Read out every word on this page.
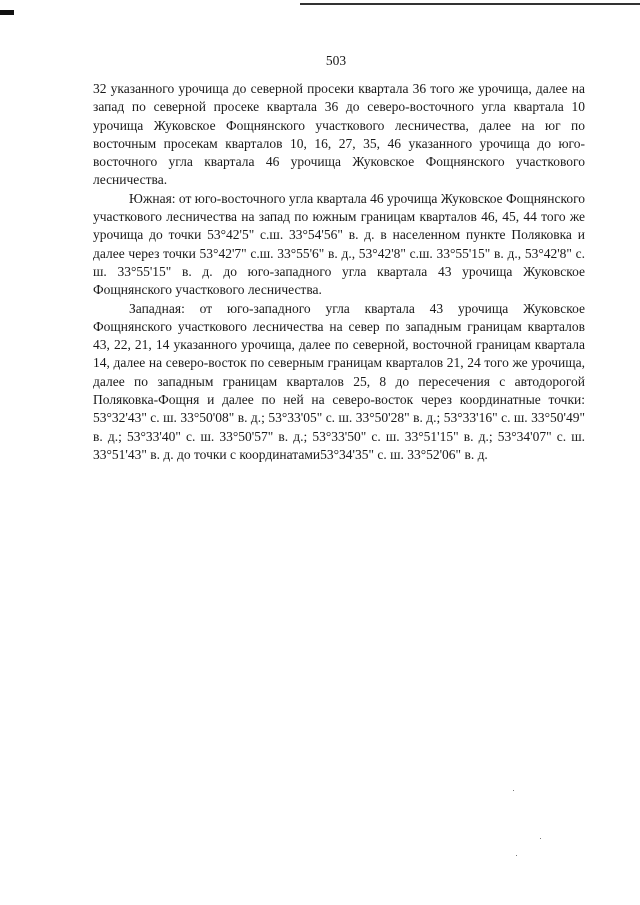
503

32 указанного урочища до северной просеки квартала 36 того же урочища, далее на запад по северной просеке квартала 36 до северо-восточного угла квартала 10 урочища Жуковское Фощнянского участкового лесничества, далее на юг по восточным просекам кварталов 10, 16, 27, 35, 46 указанного урочища до юго-восточного угла квартала 46 урочища Жуковское Фощнянского участкового лесничества.

Южная: от юго-восточного угла квартала 46 урочища Жуковское Фощнянского участкового лесничества на запад по южным границам кварталов 46, 45, 44 того же урочища до точки 53°42'5" с.ш. 33°54'56" в. д. в населенном пункте Поляковка и далее через точки 53°42'7" с.ш. 33°55'6" в. д., 53°42'8" с.ш. 33°55'15" в. д., 53°42'8" с. ш. 33°55'15" в. д. до юго-западного угла квартала 43 урочища Жуковское Фощнянского участкового лесничества.

Западная: от юго-западного угла квартала 43 урочища Жуковское Фощнянского участкового лесничества на север по западным границам кварталов 43, 22, 21, 14 указанного урочища, далее по северной, восточной границам квартала 14, далее на северо-восток по северным границам кварталов 21, 24 того же урочища, далее по западным границам кварталов 25, 8 до пересечения с автодорогой Поляковка-Фощня и далее по ней на северо-восток через координатные точки: 53°32'43" с. ш. 33°50'08" в. д.; 53°33'05" с. ш. 33°50'28" в. д.; 53°33'16" с. ш. 33°50'49" в. д.; 53°33'40" с. ш. 33°50'57" в. д.; 53°33'50" с. ш. 33°51'15" в. д.; 53°34'07" с. ш. 33°51'43" в. д. до точки с координатами53°34'35" с. ш. 33°52'06" в. д.
